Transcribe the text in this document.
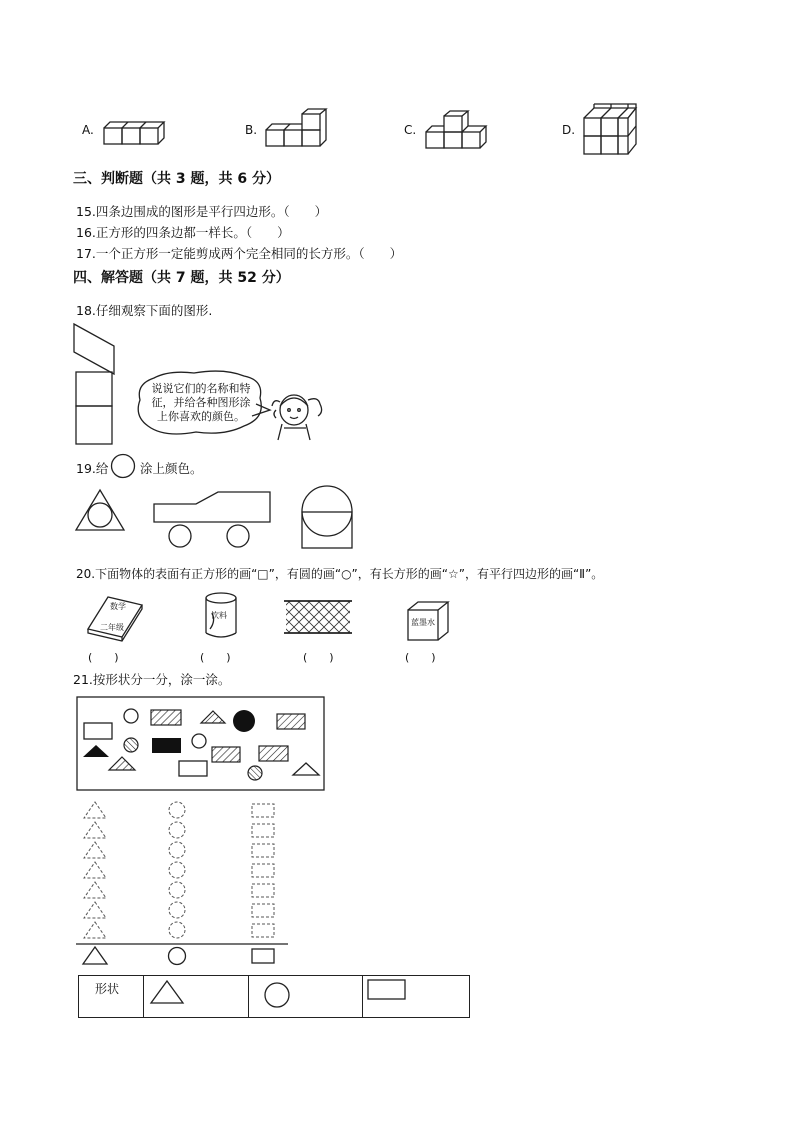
A.	B.	C.	D.
三、判断题（共 3 题，共 6 分）
15.四条边围成的图形是平行四边形。（　　）
16.正方形的四条边都一样长。（　　）
17.一个正方形一定能剪成两个完全相同的长方形。（　　）
四、解答题（共 7 题，共 52 分）
18.仔细观察下面的图形.
说说它们的名称和特
征，并给各种图形涂
上你喜欢的颜色。
19.给	涂上颜色。
20.下面物体的表面有正方形的画“□”，有圆的画“○”，有长方形的画“☆”，有平行四边形的画“Ⅱ”。
数学
二年级
饮料
蓝墨水
(　　)	(　　)	(　　)	(　　)
21.按形状分一分，涂一涂。
形状
